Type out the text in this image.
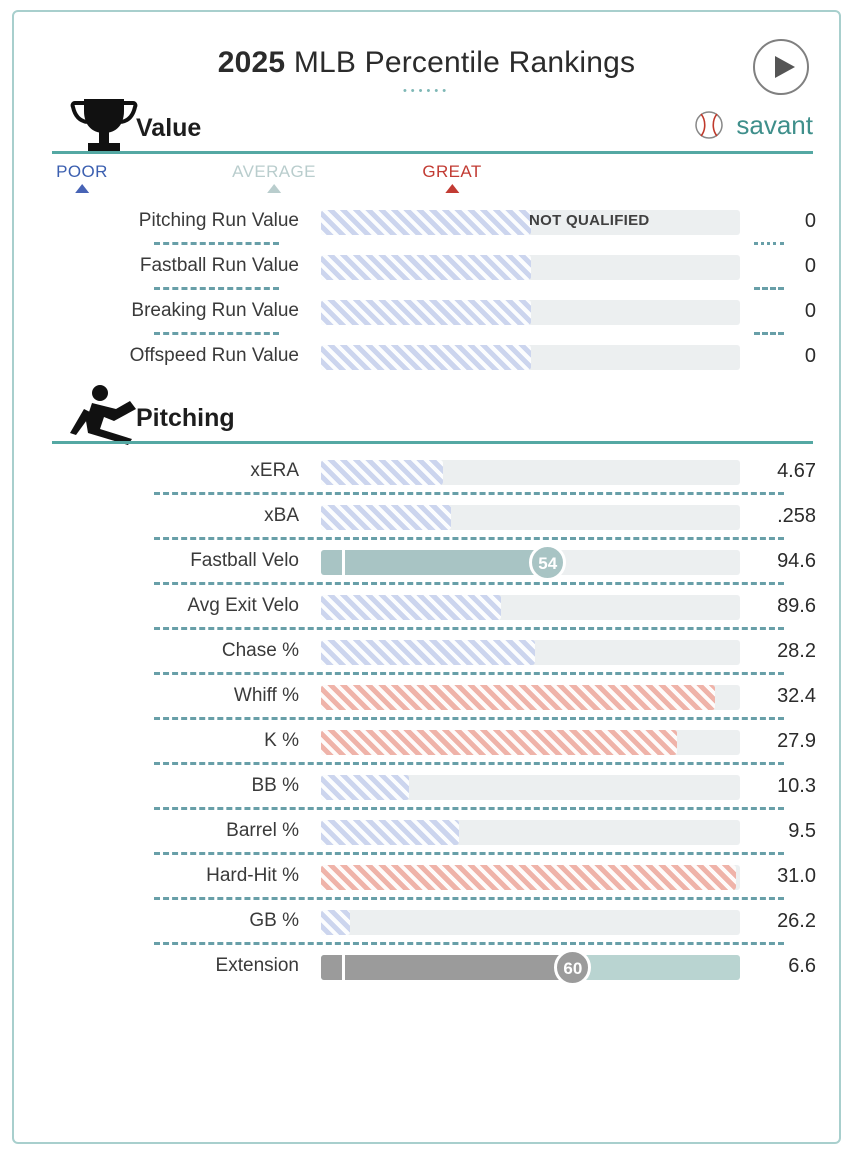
2025 MLB Percentile Rankings
••••••
Value	savant
POOR	AVERAGE	GREAT
Pitching Run Value	NOT QUALIFIED	0
Fastball Run Value	0
Breaking Run Value	0
Offspeed Run Value	0
Pitching
xERA	4.67
xBA	.258
Fastball Velo	54	94.6
Avg Exit Velo	89.6
Chase %	28.2
Whiff %	32.4
K %	27.9
BB %	10.3
Barrel %	9.5
Hard-Hit %	31.0
GB %	26.2
Extension	60	6.6
